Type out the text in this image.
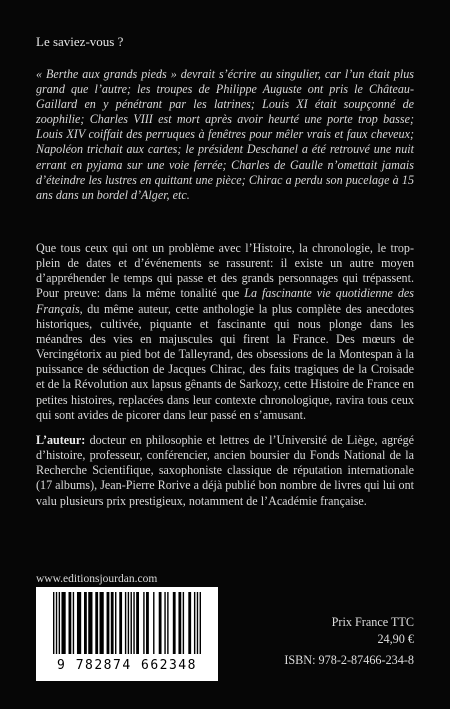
Le saviez-vous ?
« Berthe aux grands pieds » devrait s’écrire au singulier, car l’un était plus grand que l’autre; les troupes de Philippe Auguste ont pris le Château-Gaillard en y pénétrant par les latrines; Louis XI était soupçonné de zoophilie; Charles VIII est mort après avoir heurté une porte trop basse; Louis XIV coiffait des perruques à fenêtres pour mêler vrais et faux cheveux; Napoléon trichait aux cartes; le président Deschanel a été retrouvé une nuit errant en pyjama sur une voie ferrée; Charles de Gaulle n’omettait jamais d’éteindre les lustres en quittant une pièce; Chirac a perdu son pucelage à 15 ans dans un bordel d’Alger, etc.
Que tous ceux qui ont un problème avec l’Histoire, la chronologie, le trop-plein de dates et d’événements se rassurent: il existe un autre moyen d’appréhender le temps qui passe et des grands personnages qui trépassent. Pour preuve: dans la même tonalité que La fascinante vie quotidienne des Français, du même auteur, cette anthologie la plus complète des anecdotes historiques, cultivée, piquante et fascinante qui nous plonge dans les méandres des vies en majuscules qui firent la France. Des mœurs de Vercingétorix au pied bot de Talleyrand, des obsessions de la Montespan à la puissance de séduction de Jacques Chirac, des faits tragiques de la Croisade et de la Révolution aux lapsus gênants de Sarkozy, cette Histoire de France en petites histoires, replacées dans leur contexte chronologique, ravira tous ceux qui sont avides de picorer dans leur passé en s’amusant.
L’auteur: docteur en philosophie et lettres de l’Université de Liège, agrégé d’histoire, professeur, conférencier, ancien boursier du Fonds National de la Recherche Scientifique, saxophoniste classique de réputation internationale (17 albums), Jean-Pierre Rorive a déjà publié bon nombre de livres qui lui ont valu plusieurs prix prestigieux, notamment de l’Académie française.
www.editionsjourdan.com
9 782874 662348
Prix France TTC
24,90 €
ISBN: 978-2-87466-234-8
